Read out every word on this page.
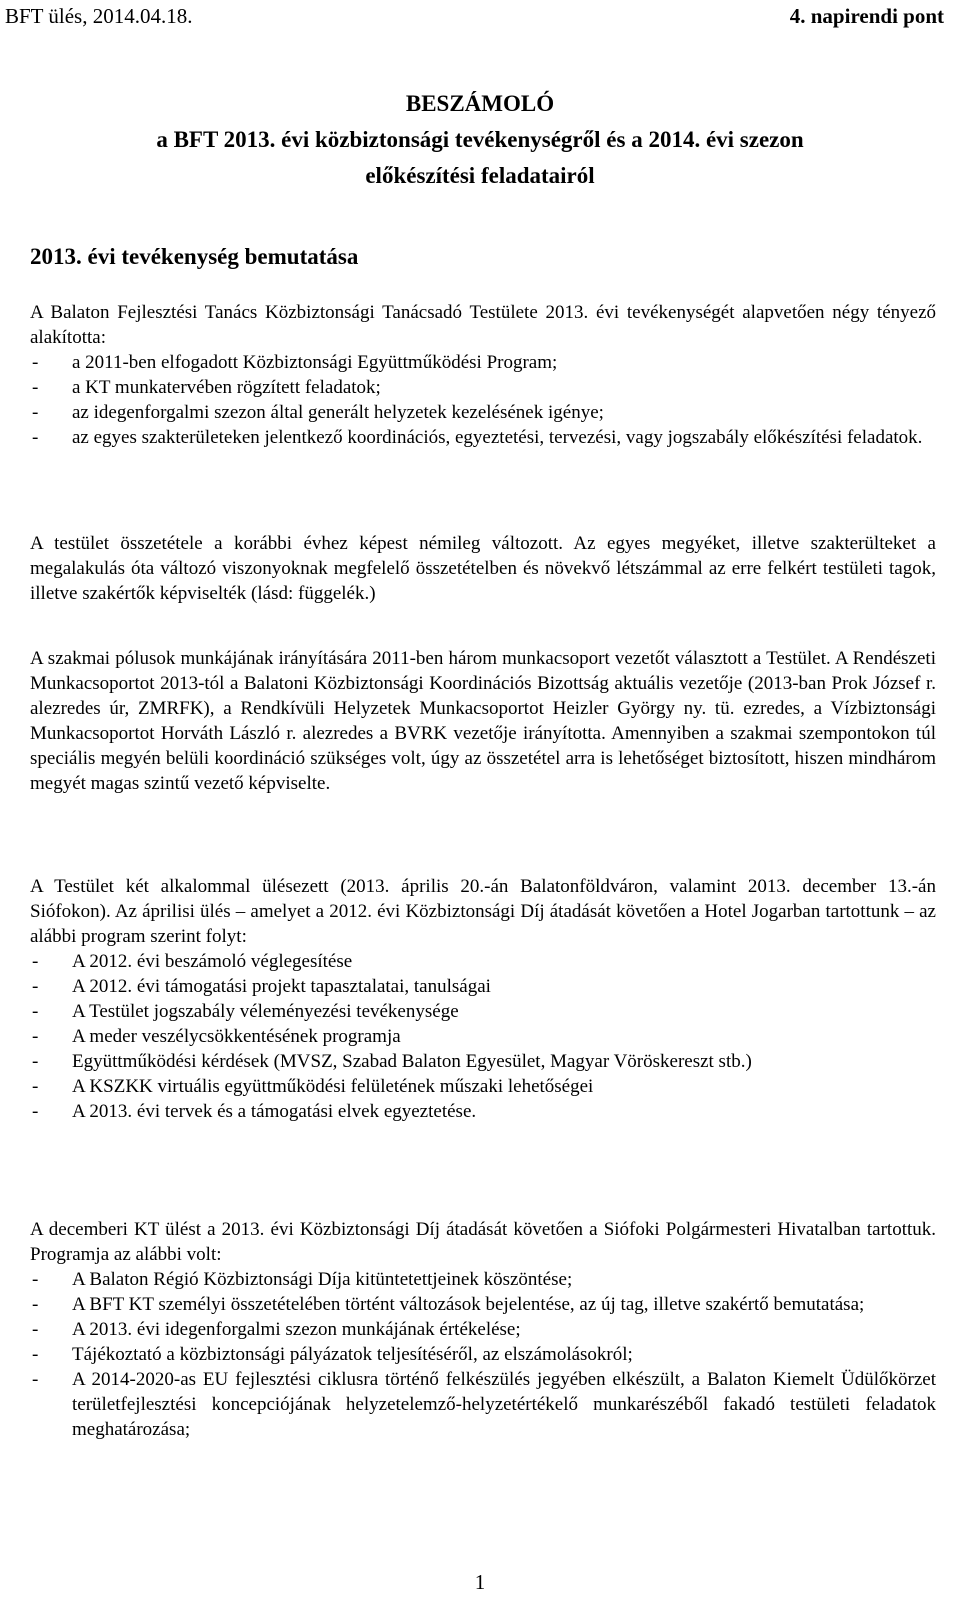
BFT ülés, 2014.04.18.	4. napirendi pont
BESZÁMOLÓ
a BFT 2013. évi közbiztonsági tevékenységről és a 2014. évi szezon
előkészítési feladatairól
2013. évi tevékenység bemutatása

A Balaton Fejlesztési Tanács Közbiztonsági Tanácsadó Testülete 2013. évi tevékenységét alapvetően négy tényező alakította:

- a 2011-ben elfogadott Közbiztonsági Együttműködési Program;
- a KT munkatervében rögzített feladatok;
- az idegenforgalmi szezon által generált helyzetek kezelésének igénye;
- az egyes szakterületeken jelentkező koordinációs, egyeztetési, tervezési, vagy jogszabály előkészítési feladatok.

A testület összetétele a korábbi évhez képest némileg változott. Az egyes megyéket, illetve szakterülteket a megalakulás óta változó viszonyoknak megfelelő összetételben és növekvő létszámmal az erre felkért testületi tagok, illetve szakértők képviselték (lásd: függelék.)

A szakmai pólusok munkájának irányítására 2011-ben három munkacsoport vezetőt választott a Testület. A Rendészeti Munkacsoportot 2013-tól a Balatoni Közbiztonsági Koordinációs Bizottság aktuális vezetője (2013-ban Prok József r. alezredes úr, ZMRFK), a Rendkívüli Helyzetek Munkacsoportot Heizler György ny. tü. ezredes, a Vízbiztonsági Munkacsoportot Horváth László r. alezredes a BVRK vezetője irányította. Amennyiben a szakmai szempontokon túl speciális megyén belüli koordináció szükséges volt, úgy az összetétel arra is lehetőséget biztosított, hiszen mindhárom megyét magas szintű vezető képviselte.

A Testület két alkalommal ülésezett (2013. április 20.-án Balatonföldváron, valamint 2013. december 13.-án Siófokon). Az áprilisi ülés – amelyet a 2012. évi Közbiztonsági Díj átadását követően a Hotel Jogarban tartottunk – az alábbi program szerint folyt:

- A 2012. évi beszámoló véglegesítése
- A 2012. évi támogatási projekt tapasztalatai, tanulságai
- A Testület jogszabály véleményezési tevékenysége
- A meder veszélycsökkentésének programja
- Együttműködési kérdések (MVSZ, Szabad Balaton Egyesület, Magyar Vöröskereszt stb.)
- A KSZKK virtuális együttműködési felületének műszaki lehetőségei
- A 2013. évi tervek és a támogatási elvek egyeztetése.

A decemberi KT ülést a 2013. évi Közbiztonsági Díj átadását követően a Siófoki Polgármesteri Hivatalban tartottuk. Programja az alábbi volt:

- A Balaton Régió Közbiztonsági Díja kitüntetettjeinek köszöntése;
- A BFT KT személyi összetételében történt változások bejelentése, az új tag, illetve szakértő bemutatása;
- A 2013. évi idegenforgalmi szezon munkájának értékelése;
- Tájékoztató a közbiztonsági pályázatok teljesítéséről, az elszámolásokról;
- A 2014-2020-as EU fejlesztési ciklusra történő felkészülés jegyében elkészült, a Balaton Kiemelt Üdülőkörzet területfejlesztési koncepciójának helyzetelemző-helyzetértékelő munkarészéből fakadó testületi feladatok meghatározása;
1
